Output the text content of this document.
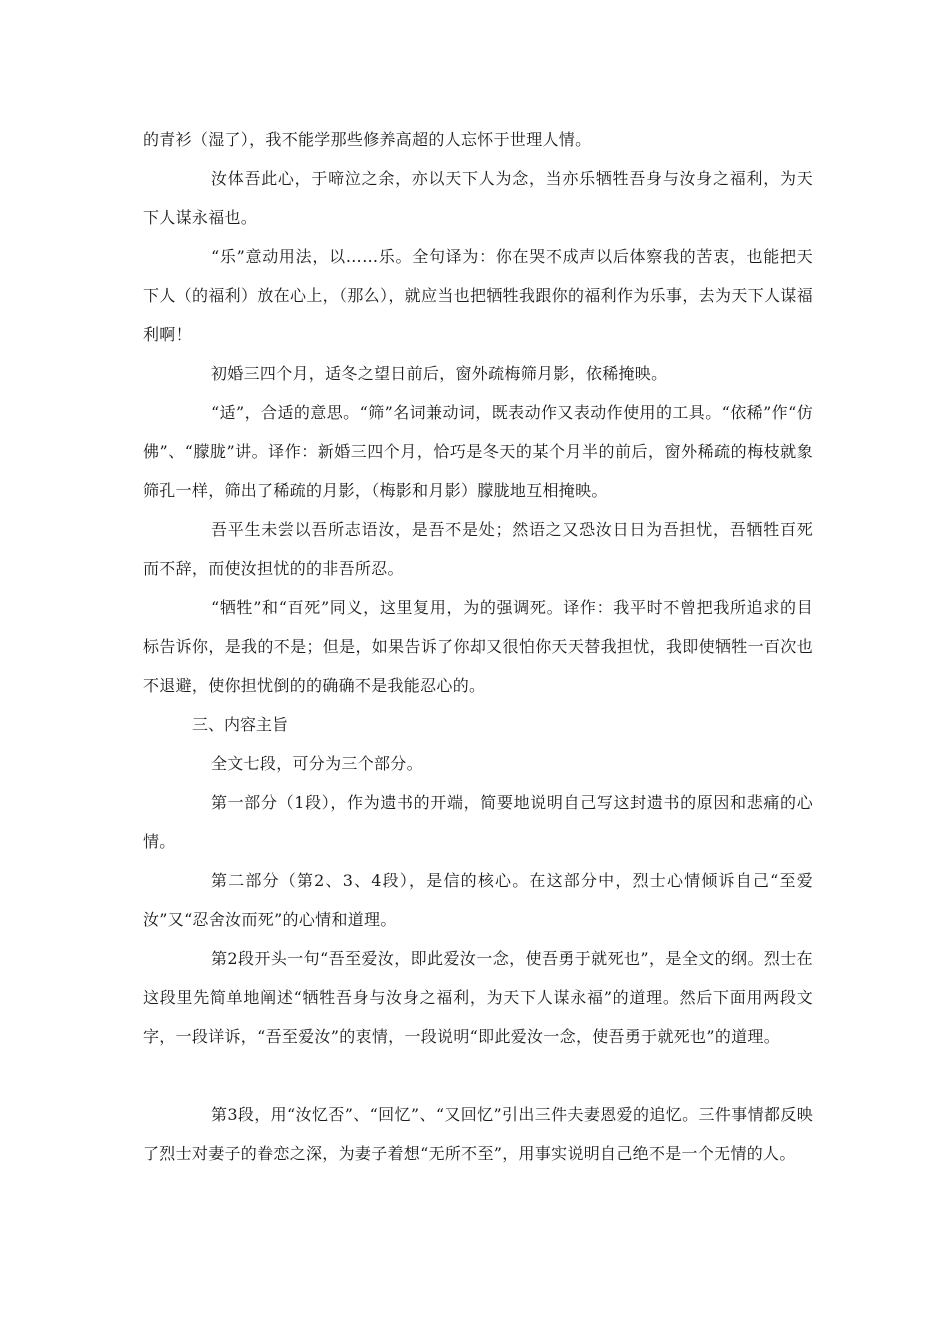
的青衫（湿了），我不能学那些修养高超的人忘怀于世理人情。

汝体吾此心，于啼泣之余，亦以天下人为念，当亦乐牺牲吾身与汝身之福利，为天下人谋永福也。

“乐”意动用法，以……乐。全句译为：你在哭不成声以后体察我的苦衷，也能把天下人（的福利）放在心上，（那么），就应当也把牺牲我跟你的福利作为乐事，去为天下人谋福利啊！

初婚三四个月，适冬之望日前后，窗外疏梅筛月影，依稀掩映。

“适”，合适的意思。“筛”名词兼动词，既表动作又表动作使用的工具。“依稀”作“仿佛”、“朦胧”讲。译作：新婚三四个月，恰巧是冬天的某个月半的前后，窗外稀疏的梅枝就象筛孔一样，筛出了稀疏的月影，（梅影和月影）朦胧地互相掩映。

吾平生未尝以吾所志语汝，是吾不是处；然语之又恐汝日日为吾担忧，吾牺牲百死而不辞，而使汝担忧的的非吾所忍。

“牺牲”和“百死”同义，这里复用，为的强调死。译作：我平时不曾把我所追求的目标告诉你，是我的不是；但是，如果告诉了你却又很怕你天天替我担忧，我即使牺牲一百次也不退避，使你担忧倒的的确确不是我能忍心的。

三、内容主旨

全文七段，可分为三个部分。

第一部分（1段），作为遗书的开端，简要地说明自己写这封遗书的原因和悲痛的心情。

第二部分（第2、3、4段），是信的核心。在这部分中，烈士心情倾诉自己“至爱汝”又“忍舍汝而死”的心情和道理。

第2段开头一句“吾至爱汝，即此爱汝一念，使吾勇于就死也”，是全文的纲。烈士在这段里先简单地阐述“牺牲吾身与汝身之福利，为天下人谋永福”的道理。然后下面用两段文字，一段详诉，“吾至爱汝”的衷情，一段说明“即此爱汝一念，使吾勇于就死也”的道理。

第3段，用“汝忆否”、“回忆”、“又回忆”引出三件夫妻恩爱的追忆。三件事情都反映了烈士对妻子的眷恋之深，为妻子着想“无所不至”，用事实说明自己绝不是一个无情的人。
